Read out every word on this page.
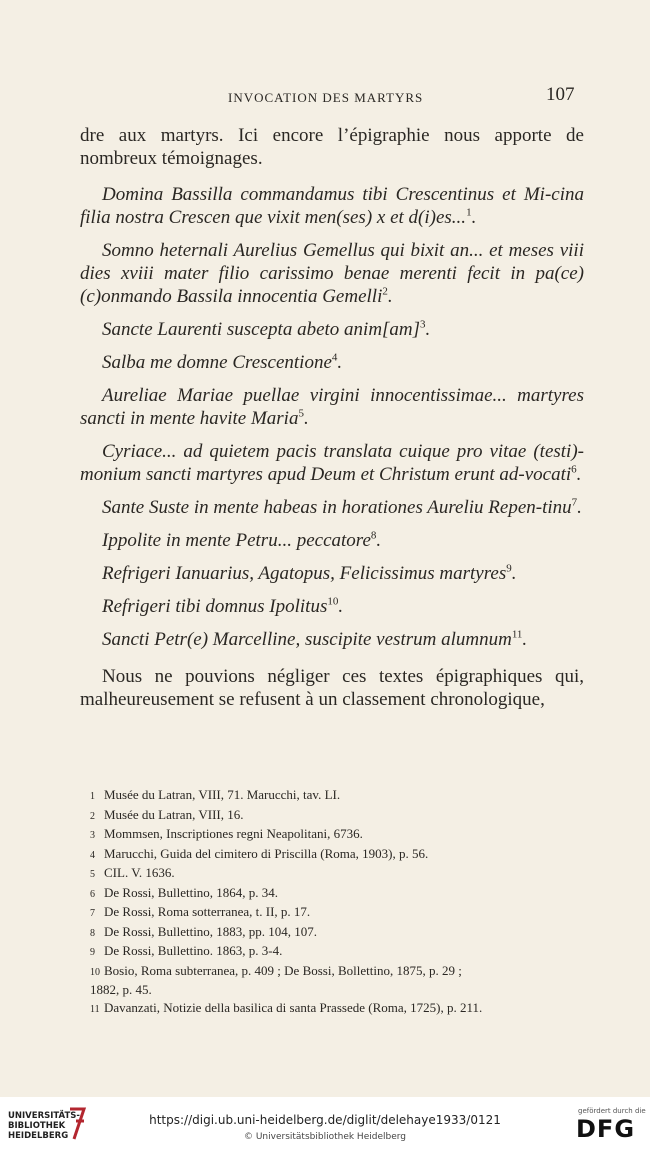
INVOCATION DES MARTYRS	107

dre aux martyrs. Ici encore l’épigraphie nous apporte de nombreux témoignages.

Domina Bassilla commandamus tibi Crescentinus et Mi-cina filia nostra Crescen que vixit men(ses) x et d(i)es...$^1$.

Somno heternali Aurelius Gemellus qui bixit an... et meses viii dies xviii mater filio carissimo benae merenti fecit in pa(ce) (c)onmando Bassila innocentia Gemelli$^2$.

Sancte Laurenti suscepta abeto anim[am]$^3$.

Salba me domne Crescentione$^4$.

Aureliae Mariae puellae virgini innocentissimae... martyres sancti in mente havite Maria$^5$.

Cyriace... ad quietem pacis translata cuique pro vitae (testi)-monium sancti martyres apud Deum et Christum erunt ad-vocati$^6$.

Sante Suste in mente habeas in horationes Aureliu Repen-tinu$^7$.

Ippolite in mente Petru... peccatore$^8$.

Refrigeri Ianuarius, Agatopus, Felicissimus martyres$^9$.

Refrigeri tibi domnus Ipolitus$^{10}$.

Sancti Petr(e) Marcelline, suscipite vestrum alumnum$^{11}$.

Nous ne pouvions négliger ces textes épigraphiques qui, malheureusement se refusent à un classement chronologique,

1 Musée du Latran, VIII, 71. Marucchi, tav. LI.
2 Musée du Latran, VIII, 16.
3 Mommsen, Inscriptiones regni Neapolitani, 6736.
4 Marucchi, Guida del cimitero di Priscilla (Roma, 1903), p. 56.
5 CIL. V. 1636.
6 De Rossi, Bullettino, 1864, p. 34.
7 De Rossi, Roma sotterranea, t. II, p. 17.
8 De Rossi, Bullettino, 1883, pp. 104, 107.
9 De Rossi, Bullettino. 1863, p. 3-4.
10 Bosio, Roma subterranea, p. 409 ; De Bossi, Bollettino, 1875, p. 29 ;
1882, p. 45.
11 Davanzati, Notizie della basilica di santa Prassede (Roma, 1725), p. 211.
UNIVERSITÄTS-
BIBLIOTHEK
HEIDELBERG
https://digi.ub.uni-heidelberg.de/diglit/delehaye1933/0121
© Universitätsbibliothek Heidelberg
gefördert durch die
DFG
